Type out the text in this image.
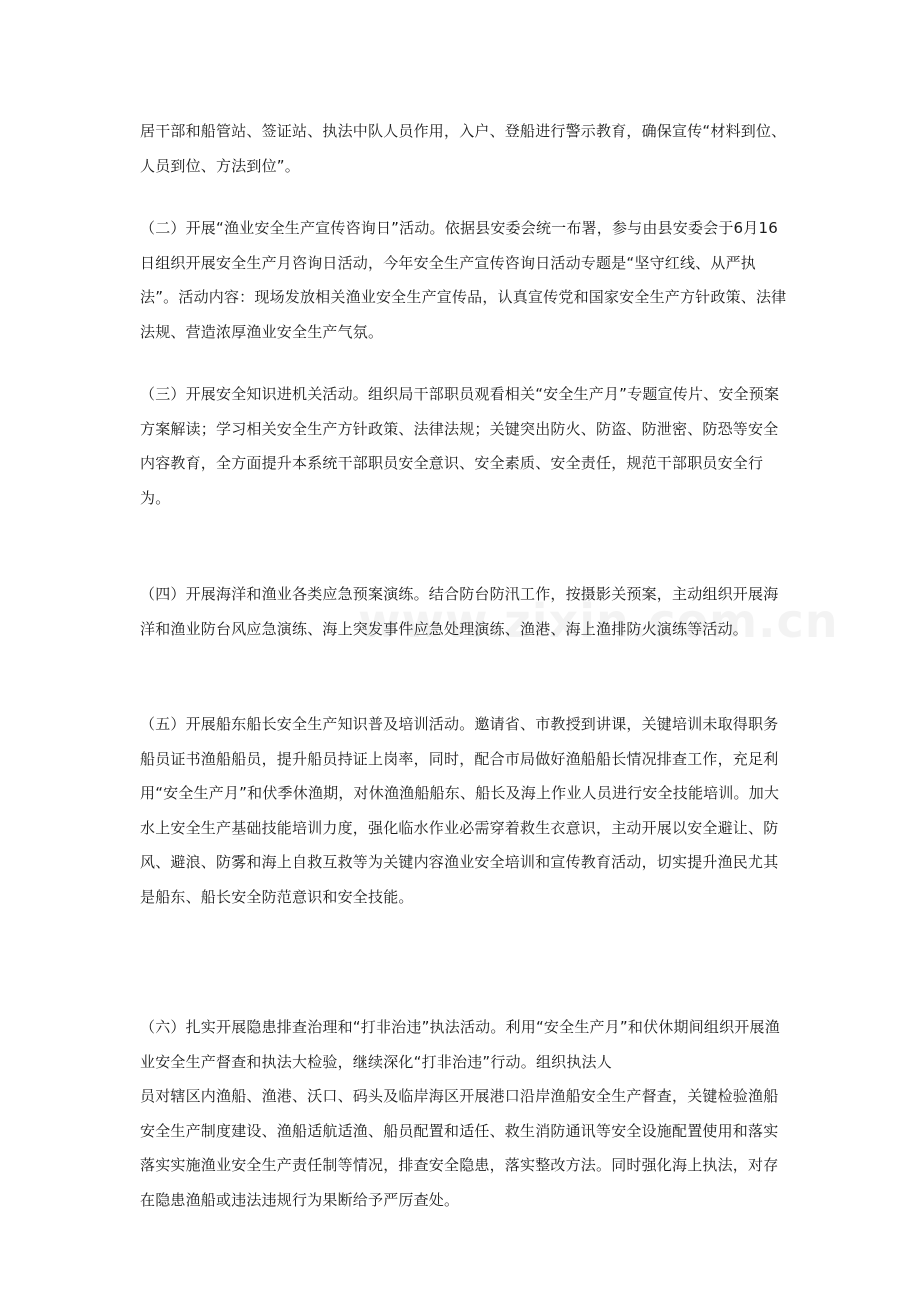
居干部和船管站、签证站、执法中队人员作用，入户、登船进行警示教育，确保宣传“材料到位、人员到位、方法到位”。

（二）开展“渔业安全生产宣传咨询日”活动。依据县安委会统一布署，参与由县安委会于6月16日组织开展安全生产月咨询日活动，今年安全生产宣传咨询日活动专题是“坚守红线、从严执法”。活动内容：现场发放相关渔业安全生产宣传品，认真宣传党和国家安全生产方针政策、法律法规、营造浓厚渔业安全生产气氛。

（三）开展安全知识进机关活动。组织局干部职员观看相关“安全生产月”专题宣传片、安全预案方案解读；学习相关安全生产方针政策、法律法规；关键突出防火、防盗、防泄密、防恐等安全内容教育，全方面提升本系统干部职员安全意识、安全素质、安全责任，规范干部职员安全行为。

（四）开展海洋和渔业各类应急预案演练。结合防台防汛工作，按摄影关预案，主动组织开展海洋和渔业防台风应急演练、海上突发事件应急处理演练、渔港、海上渔排防火演练等活动。

（五）开展船东船长安全生产知识普及培训活动。邀请省、市教授到讲课，关键培训未取得职务船员证书渔船船员，提升船员持证上岗率，同时，配合市局做好渔船船长情况排查工作，充足利用“安全生产月”和伏季休渔期，对休渔渔船船东、船长及海上作业人员进行安全技能培训。加大水上安全生产基础技能培训力度，强化临水作业必需穿着救生衣意识，主动开展以安全避让、防风、避浪、防雾和海上自救互救等为关键内容渔业安全培训和宣传教育活动，切实提升渔民尤其是船东、船长安全防范意识和安全技能。

（六）扎实开展隐患排查治理和“打非治违”执法活动。利用“安全生产月”和伏休期间组织开展渔业安全生产督查和执法大检验，继续深化“打非治违”行动。组织执法人

员对辖区内渔船、渔港、沃口、码头及临岸海区开展港口沿岸渔船安全生产督查，关键检验渔船安全生产制度建设、渔船适航适渔、船员配置和适任、救生消防通讯等安全设施配置使用和落实落实实施渔业安全生产责任制等情况，排查安全隐患，落实整改方法。同时强化海上执法，对存在隐患渔船或违法违规行为果断给予严厉查处。
